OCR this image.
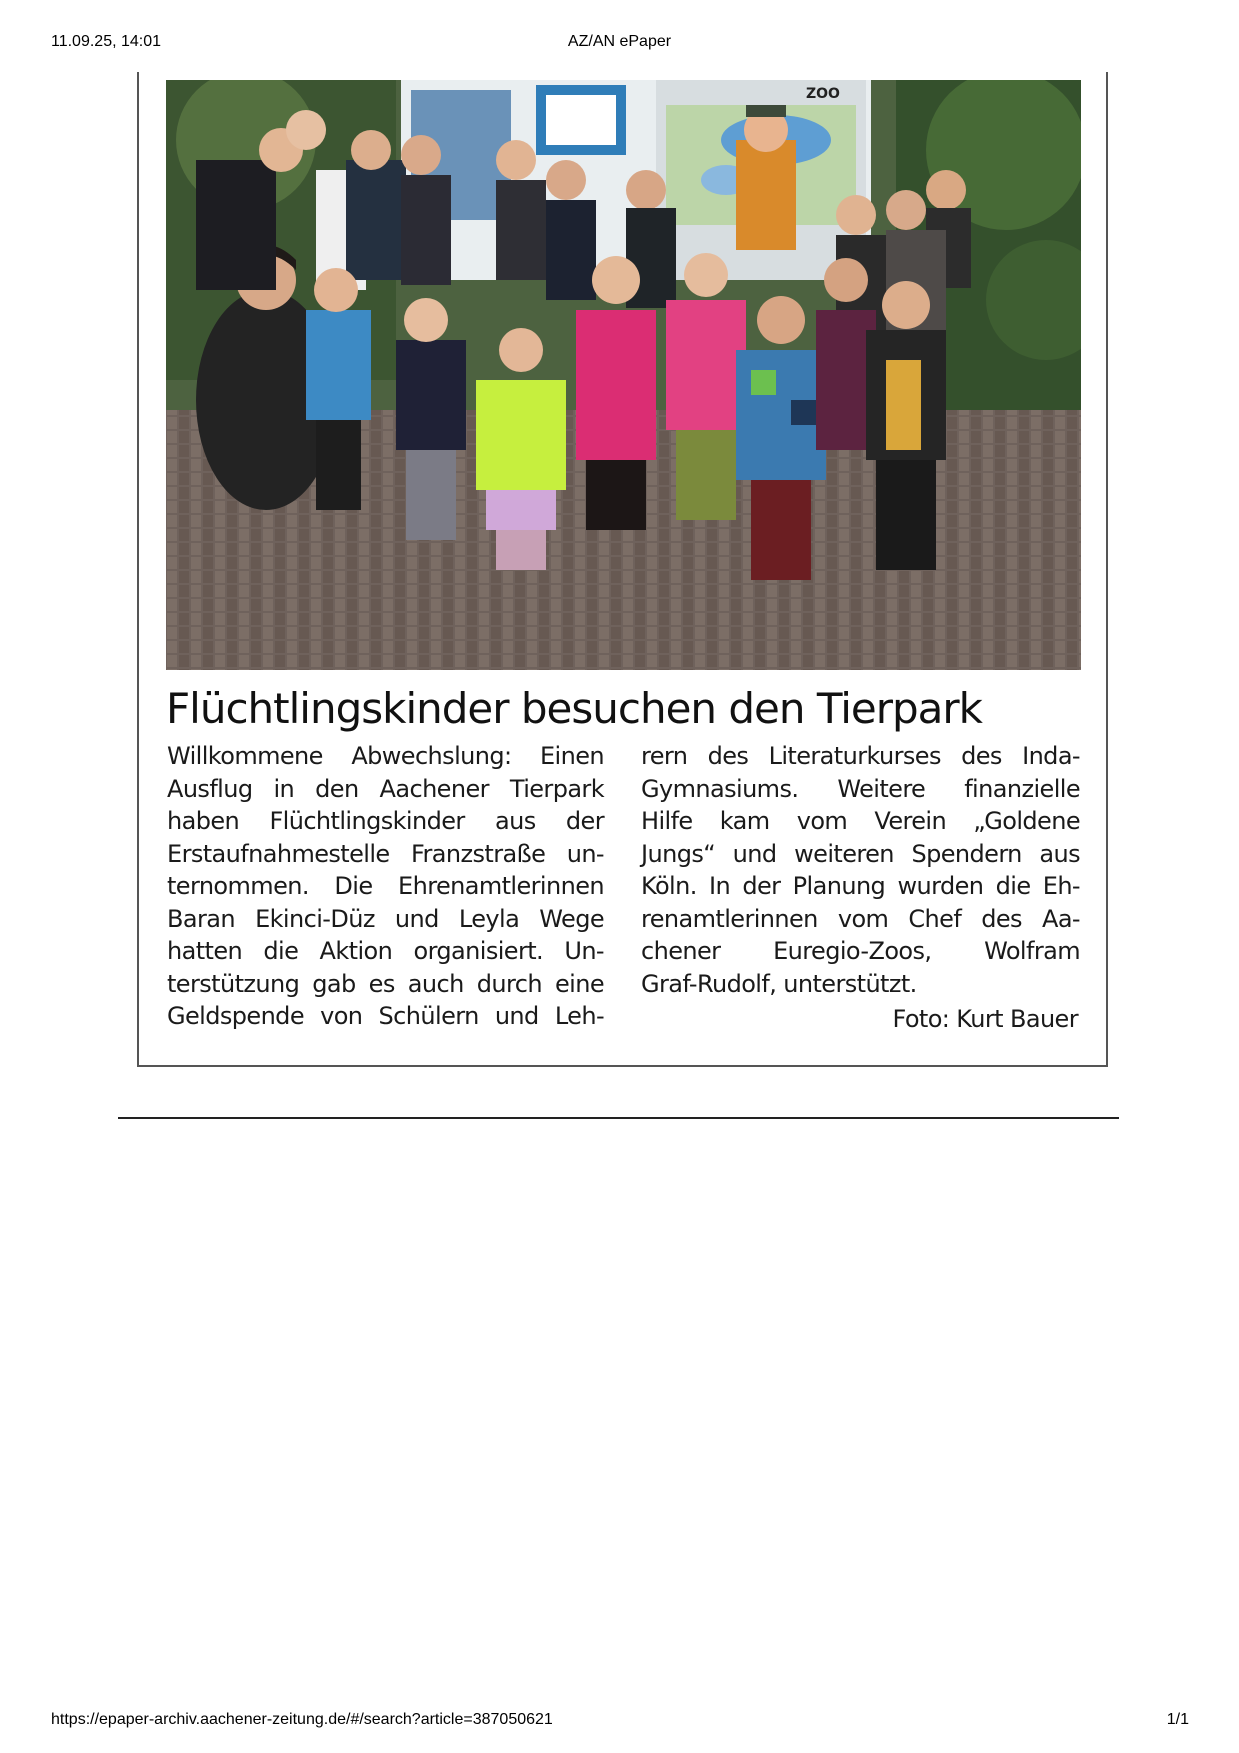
11.09.25, 14:01	AZ/AN ePaper
ZOO
Flüchtlingskinder besuchen den Tierpark
Willkommene Abwechslung: Einen
Ausflug in den Aachener Tierpark
haben Flüchtlingskinder aus der
Erstaufnahmestelle Franzstraße un-
ternommen. Die Ehrenamtlerinnen
Baran Ekinci-Düz und Leyla Wege
hatten die Aktion organisiert. Un-
terstützung gab es auch durch eine
Geldspende von Schülern und Leh-
rern des Literaturkurses des Inda-
Gymnasiums. Weitere finanzielle
Hilfe kam vom Verein „Goldene
Jungs“ und weiteren Spendern aus
Köln. In der Planung wurden die Eh-
renamtlerinnen vom Chef des Aa-
chener Euregio-Zoos, Wolfram
Graf-Rudolf, unterstützt.
Foto: Kurt Bauer
https://epaper-archiv.aachener-zeitung.de/#/search?article=387050621	1/1
